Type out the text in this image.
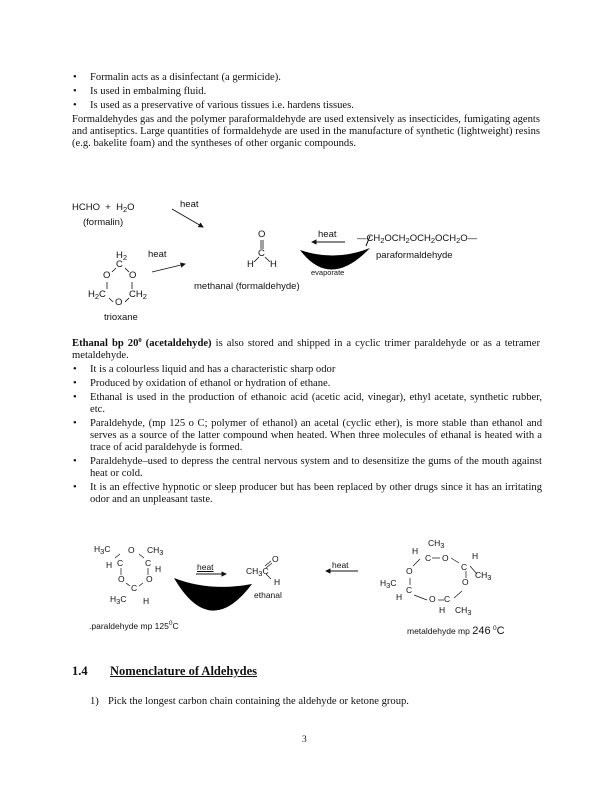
• Formalin acts as a disinfectant (a germicide).
• Is used in embalming fluid.
• Is used as a preservative of various tissues i.e. hardens tissues.
Formaldehydes gas and the polymer paraformaldehyde are used extensively as insecticides, fumigating agents and antiseptics. Large quantities of formaldehyde are used in the manufacture of synthetic (lightweight) resins (e.g. bakelite foam) and the syntheses of other organic compounds.
HCHO  +  $H_2O$
(formalin)
heat
heat
$H_2$
C
O O
$H_2C$ $CH_2$
O
trioxane
O
C
H H
methanal (formaldehyde)
heat
evaporate
$—CH_2OCH_2OCH_2OCH_2O—$
paraformaldehyde
Ethanal bp $20^0$ (acetaldehyde) is also stored and shipped in a cyclic trimer paraldehyde or as a tetramer metaldehyde.
• It is a colourless liquid and has a characteristic sharp odor
• Produced by oxidation of ethanol or hydration of ethane.
• Ethanal is used in the production of ethanoic acid (acetic acid, vinegar), ethyl acetate, synthetic rubber, etc.
• Paraldehyde, (mp 125 o C; polymer of ethanol) an acetal (cyclic ether), is more stable than ethanol and serves as a source of the latter compound when heated. When three molecules of ethanal is heated with a trace of acid paraldehyde is formed.
• Paraldehyde–used to depress the central nervous system and to desensitize the gums of the mouth against heat or cold.
• It is an effective hypnotic or sleep producer but has been replaced by other drugs since it has an irritating odor and an unpleasant taste.
$H_3C$ O $CH_3$
H C	C
H
O	O
C
$H_3C$ H
.paraldehyde mp $125^0C$
heat	$CH_3C$
O
H
ethanal
heat
$CH_3$
H
C O	H
O	C
$CH_3$
$H_3C$
C
O
H	O C
H $CH_3$
metaldehyde mp 246 $^0$C
1.4 Nomenclature of Aldehydes
1) Pick the longest carbon chain containing the aldehyde or ketone group.
3
